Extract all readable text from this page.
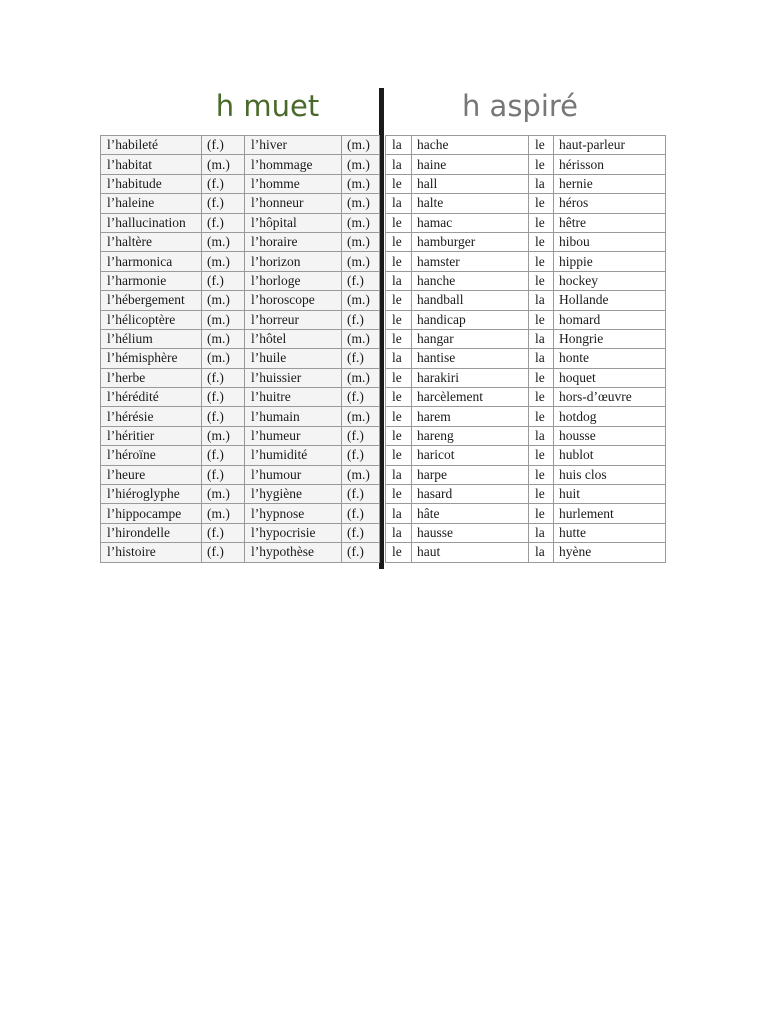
h muet	h aspiré
l’habileté	(f.)	l’hiver	(m.)
l’habitat	(m.)	l’hommage	(m.)
l’habitude	(f.)	l’homme	(m.)
l’haleine	(f.)	l’honneur	(m.)
l’hallucination	(f.)	l’hôpital	(m.)
l’haltère	(m.)	l’horaire	(m.)
l’harmonica	(m.)	l’horizon	(m.)
l’harmonie	(f.)	l’horloge	(f.)
l’hébergement	(m.)	l’horoscope	(m.)
l’hélicoptère	(m.)	l’horreur	(f.)
l’hélium	(m.)	l’hôtel	(m.)
l’hémisphère	(m.)	l’huile	(f.)
l’herbe	(f.)	l’huissier	(m.)
l’hérédité	(f.)	l’huitre	(f.)
l’hérésie	(f.)	l’humain	(m.)
l’héritier	(m.)	l’humeur	(f.)
l’héroïne	(f.)	l’humidité	(f.)
l’heure	(f.)	l’humour	(m.)
l’hiéroglyphe	(m.)	l’hygiène	(f.)
l’hippocampe	(m.)	l’hypnose	(f.)
l’hirondelle	(f.)	l’hypocrisie	(f.)
l’histoire	(f.)	l’hypothèse	(f.)
la	hache	le	haut-parleur
la	haine	le	hérisson
le	hall	la	hernie
la	halte	le	héros
le	hamac	le	hêtre
le	hamburger	le	hibou
le	hamster	le	hippie
la	hanche	le	hockey
le	handball	la	Hollande
le	handicap	le	homard
le	hangar	la	Hongrie
la	hantise	la	honte
le	harakiri	le	hoquet
le	harcèlement	le	hors-d’œuvre
le	harem	le	hotdog
le	hareng	la	housse
le	haricot	le	hublot
la	harpe	le	huis clos
le	hasard	le	huit
la	hâte	le	hurlement
la	hausse	la	hutte
le	haut	la	hyène
